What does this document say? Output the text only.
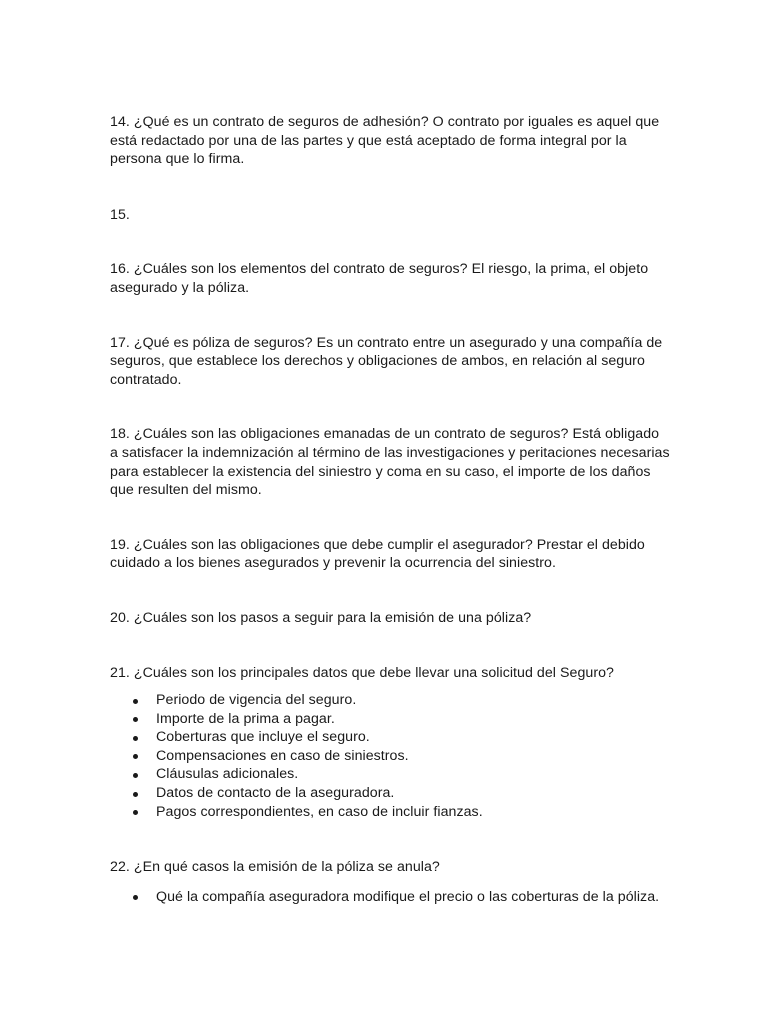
14. ¿Qué es un contrato de seguros de adhesión? O contrato por iguales es aquel que está redactado por una de las partes y que está aceptado de forma integral por la persona que lo firma.

15.

16. ¿Cuáles son los elementos del contrato de seguros? El riesgo, la prima, el objeto asegurado y la póliza.

17. ¿Qué es póliza de seguros? Es un contrato entre un asegurado y una compañía de seguros, que establece los derechos y obligaciones de ambos, en relación al seguro contratado.

18. ¿Cuáles son las obligaciones emanadas de un contrato de seguros? Está obligado a satisfacer la indemnización al término de las investigaciones y peritaciones necesarias para establecer la existencia del siniestro y coma en su caso, el importe de los daños que resulten del mismo.

19. ¿Cuáles son las obligaciones que debe cumplir el asegurador? Prestar el debido cuidado a los bienes asegurados y prevenir la ocurrencia del siniestro.

20. ¿Cuáles son los pasos a seguir para la emisión de una póliza?

21. ¿Cuáles son los principales datos que debe llevar una solicitud del Seguro?

Periodo de vigencia del seguro.
Importe de la prima a pagar.
Coberturas que incluye el seguro.
Compensaciones en caso de siniestros.
Cláusulas adicionales.
Datos de contacto de la aseguradora.
Pagos correspondientes, en caso de incluir fianzas.

22. ¿En qué casos la emisión de la póliza se anula?

Qué la compañía aseguradora modifique el precio o las coberturas de la póliza.
